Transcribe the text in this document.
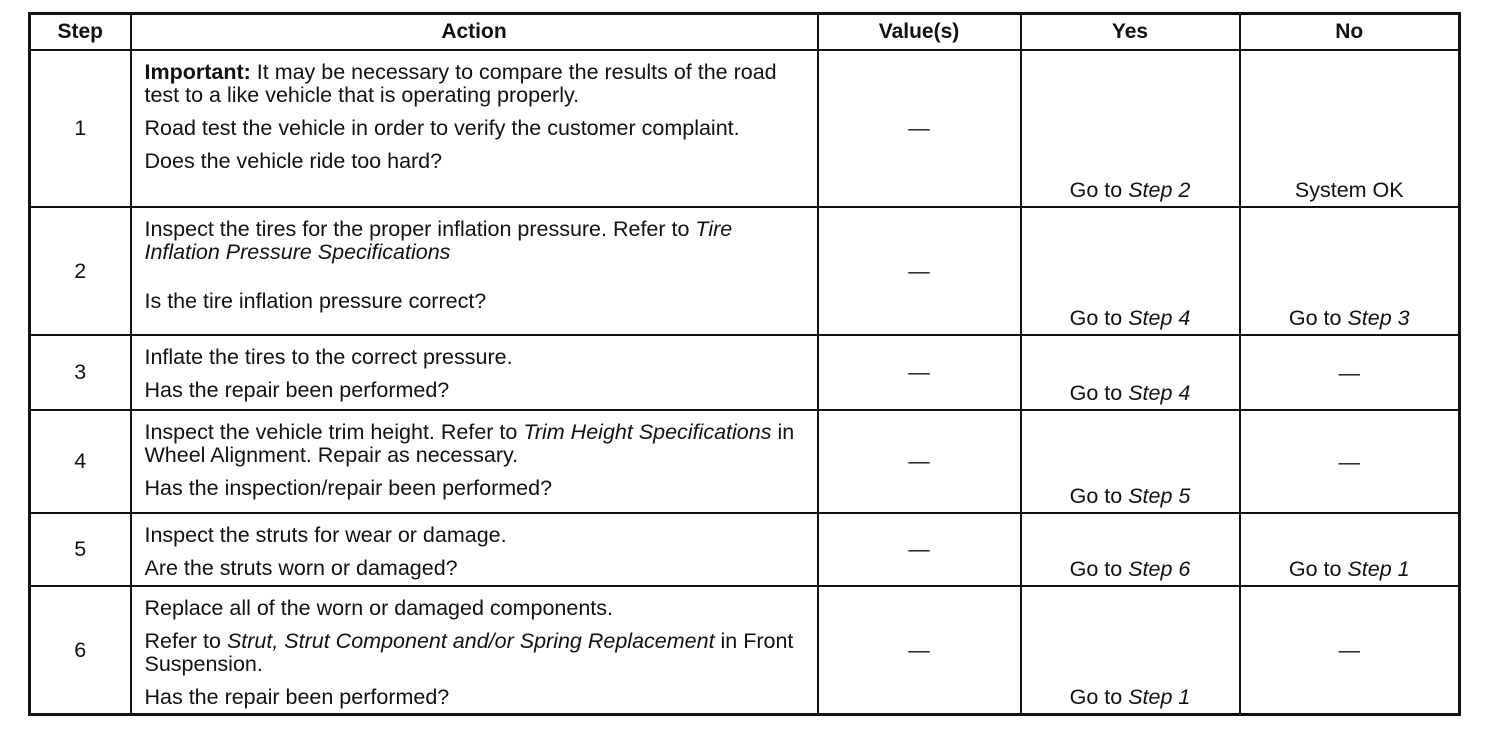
Step	Action	Value(s)	Yes	No
1	Important: It may be necessary to compare the results of the road test to a like vehicle that is operating properly.
Road test the vehicle in order to verify the customer complaint.
Does the vehicle ride too hard?	—	Go to Step 2	System OK
2	Inspect the tires for the proper inflation pressure. Refer to Tire Inflation Pressure Specifications
Is the tire inflation pressure correct?	—	Go to Step 4	Go to Step 3
3	Inflate the tires to the correct pressure.
Has the repair been performed?	—	Go to Step 4	—
4	Inspect the vehicle trim height. Refer to Trim Height Specifications in Wheel Alignment. Repair as necessary.
Has the inspection/repair been performed?	—	Go to Step 5	—
5	Inspect the struts for wear or damage.
Are the struts worn or damaged?	—	Go to Step 6	Go to Step 1
6	Replace all of the worn or damaged components.
Refer to Strut, Strut Component and/or Spring Replacement in Front Suspension.
Has the repair been performed?	—	Go to Step 1	—
